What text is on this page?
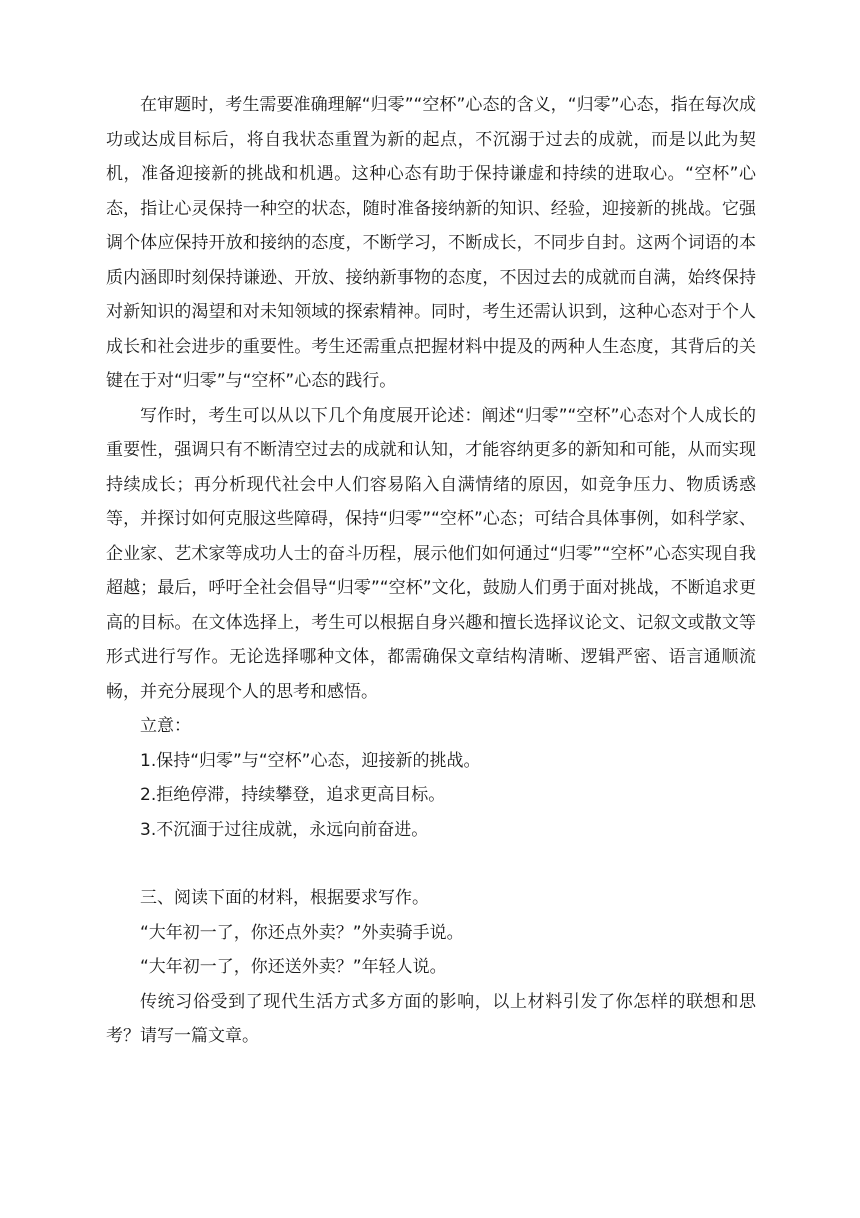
在审题时，考生需要准确理解“归零”“空杯”心态的含义，“归零”心态，指在每次成功或达成目标后，将自我状态重置为新的起点，不沉溺于过去的成就，而是以此为契机，准备迎接新的挑战和机遇。这种心态有助于保持谦虚和持续的进取心。“空杯”心态，指让心灵保持一种空的状态，随时准备接纳新的知识、经验，迎接新的挑战。它强调个体应保持开放和接纳的态度，不断学习，不断成长，不同步自封。这两个词语的本质内涵即时刻保持谦逊、开放、接纳新事物的态度，不因过去的成就而自满，始终保持对新知识的渴望和对未知领域的探索精神。同时，考生还需认识到，这种心态对于个人成长和社会进步的重要性。考生还需重点把握材料中提及的两种人生态度，其背后的关键在于对“归零”与“空杯”心态的践行。

写作时，考生可以从以下几个角度展开论述：阐述“归零”“空杯”心态对个人成长的重要性，强调只有不断清空过去的成就和认知，才能容纳更多的新知和可能，从而实现持续成长；再分析现代社会中人们容易陷入自满情绪的原因，如竞争压力、物质诱惑等，并探讨如何克服这些障碍，保持“归零”“空杯”心态；可结合具体事例，如科学家、企业家、艺术家等成功人士的奋斗历程，展示他们如何通过“归零”“空杯”心态实现自我超越；最后，呼吁全社会倡导“归零”“空杯”文化，鼓励人们勇于面对挑战，不断追求更高的目标。在文体选择上，考生可以根据自身兴趣和擅长选择议论文、记叙文或散文等形式进行写作。无论选择哪种文体，都需确保文章结构清晰、逻辑严密、语言通顺流畅，并充分展现个人的思考和感悟。

立意：

1.保持“归零”与“空杯”心态，迎接新的挑战。

2.拒绝停滞，持续攀登，追求更高目标。

3.不沉湎于过往成就，永远向前奋进。

三、阅读下面的材料，根据要求写作。

“大年初一了，你还点外卖？”外卖骑手说。

“大年初一了，你还送外卖？”年轻人说。

传统习俗受到了现代生活方式多方面的影响，以上材料引发了你怎样的联想和思考？请写一篇文章。
